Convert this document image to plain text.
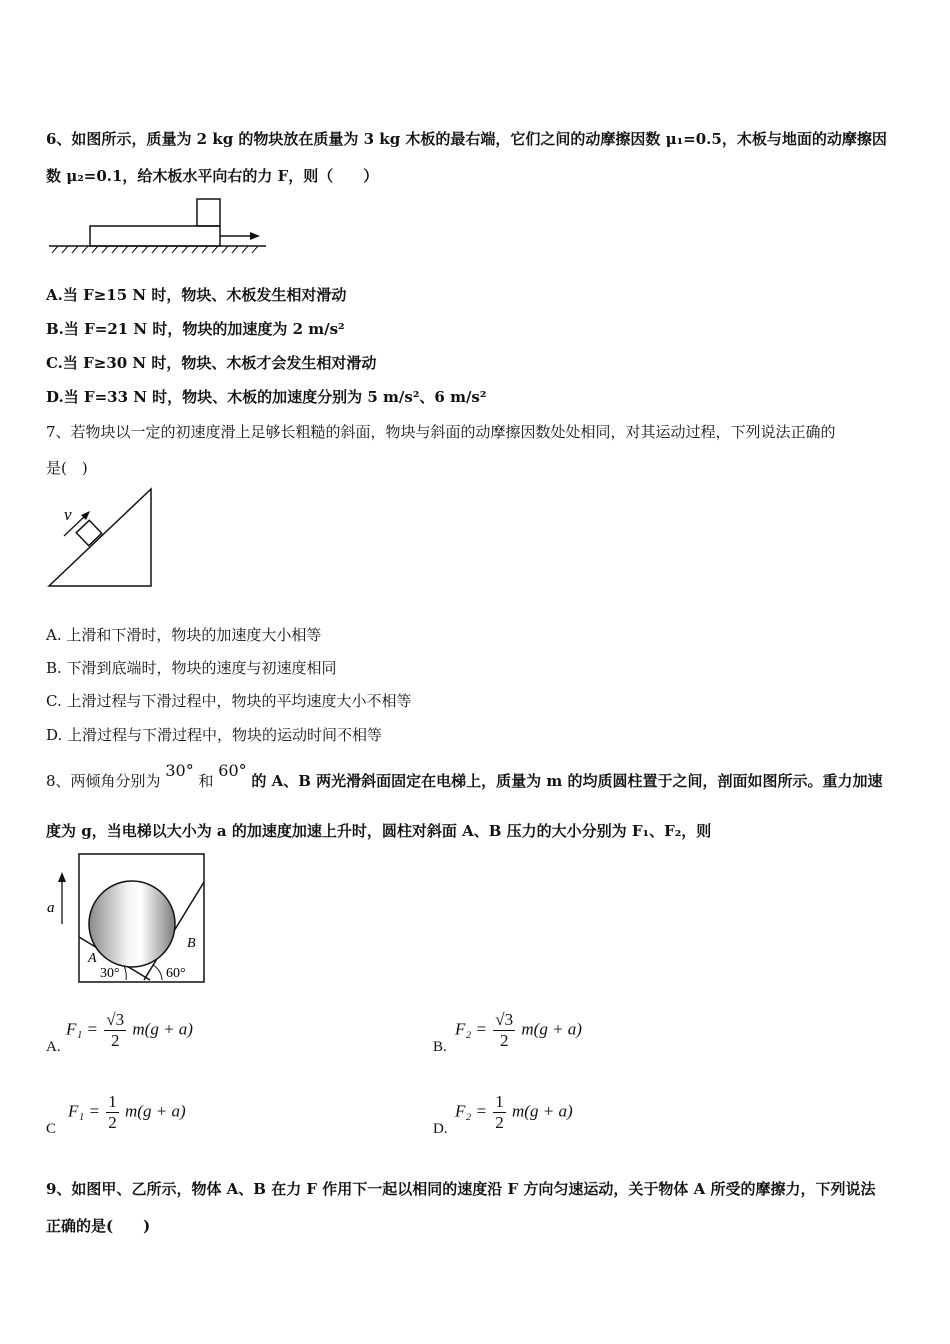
6、如图所示，质量为 2 kg 的物块放在质量为 3 kg 木板的最右端，它们之间的动摩擦因数 μ₁=0.5，木板与地面的动摩擦因
数 μ₂=0.1，给木板水平向右的力 F，则（　　）
A.当 F≥15 N 时，物块、木板发生相对滑动
B.当 F=21 N 时，物块的加速度为 2 m/s²
C.当 F≥30 N 时，物块、木板才会发生相对滑动
D.当 F=33 N 时，物块、木板的加速度分别为 5 m/s²、6 m/s²
7、若物块以一定的初速度滑上足够长粗糙的斜面，物块与斜面的动摩擦因数处处相同，对其运动过程，下列说法正确的
是(　)
v
A. 上滑和下滑时，物块的加速度大小相等
B. 下滑到底端时，物块的速度与初速度相同
C. 上滑过程与下滑过程中，物块的平均速度大小不相等
D. 上滑过程与下滑过程中，物块的运动时间不相等
8、两倾角分别为 30° 和 60° 的 A、B 两光滑斜面固定在电梯上，质量为 m 的均质圆柱置于之间，剖面如图所示。重力加速
度为 g，当电梯以大小为 a 的加速度加速上升时，圆柱对斜面 A、B 压力的大小分别为 F₁、F₂，则
a
A
B
30°	60°
A.
$F_1 = \frac{√3}{2} m(g + a)$
B.
$F_2 = \frac{√3}{2} m(g + a)$
C
$F_1 = \frac{1}{2} m(g + a)$
D.
$F_2 = \frac{1}{2} m(g + a)$
9、如图甲、乙所示，物体 A、B 在力 F 作用下一起以相同的速度沿 F 方向匀速运动，关于物体 A 所受的摩擦力，下列说法
正确的是(　　)
